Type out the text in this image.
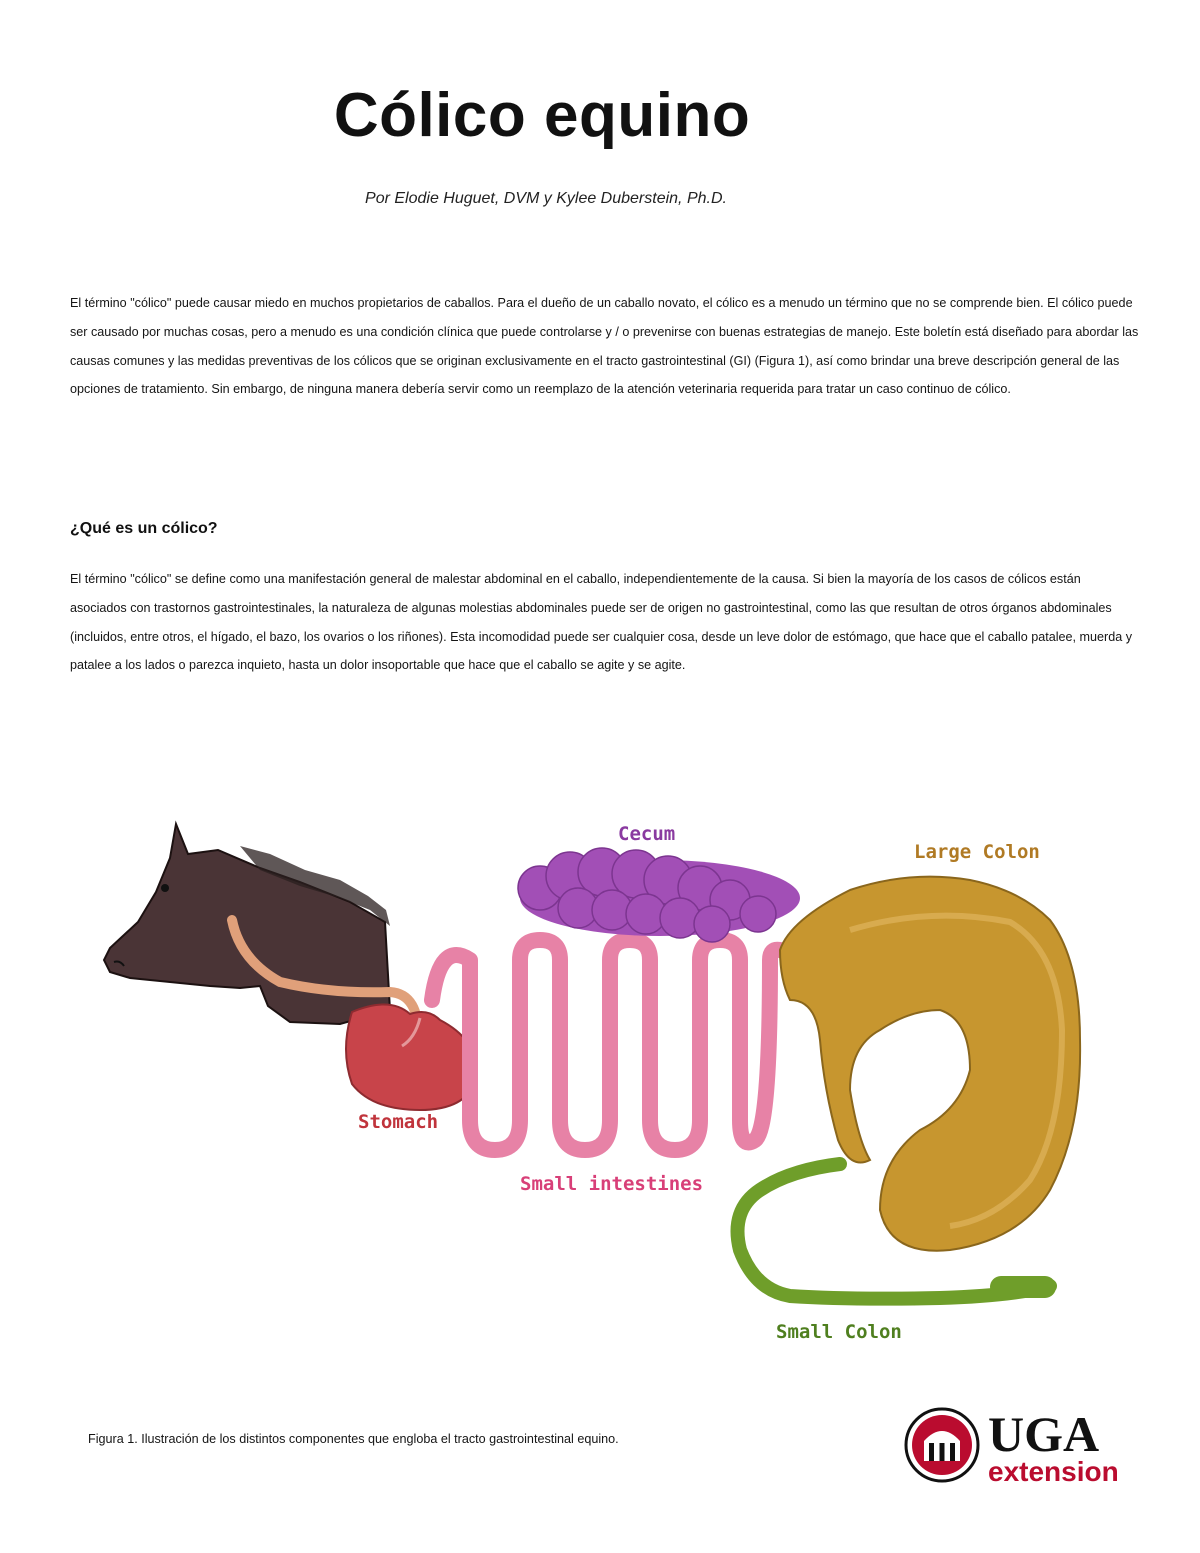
Cólico equino
Por Elodie Huguet, DVM y Kylee Duberstein, Ph.D.

El término "cólico" puede causar miedo en muchos propietarios de caballos. Para el dueño de un caballo novato, el cólico es a menudo un término que no se comprende bien. El cólico puede ser causado por muchas cosas, pero a menudo es una condición clínica que puede controlarse y / o prevenirse con buenas estrategias de manejo. Este boletín está diseñado para abordar las causas comunes y las medidas preventivas de los cólicos que se originan exclusivamente en el tracto gastrointestinal (GI) (Figura 1), así como brindar una breve descripción general de las opciones de tratamiento. Sin embargo, de ninguna manera debería servir como un reemplazo de la atención veterinaria requerida para tratar un caso continuo de cólico.

¿Qué es un cólico?

El término "cólico" se define como una manifestación general de malestar abdominal en el caballo, independientemente de la causa. Si bien la mayoría de los casos de cólicos están asociados con trastornos gastrointestinales, la naturaleza de algunas molestias abdominales puede ser de origen no gastrointestinal, como las que resultan de otros órganos abdominales (incluidos, entre otros, el hígado, el bazo, los ovarios o los riñones). Esta incomodidad puede ser cualquier cosa, desde un leve dolor de estómago, que hace que el caballo patalee, muerda y patalee a los lados o parezca inquieto, hasta un dolor insoportable que hace que el caballo se agite y se agite.

Stomach
Small intestines
Cecum
Large Colon
Small Colon
Figura 1. Ilustración de los distintos componentes que engloba el tracto gastrointestinal equino.	UGA
extension
